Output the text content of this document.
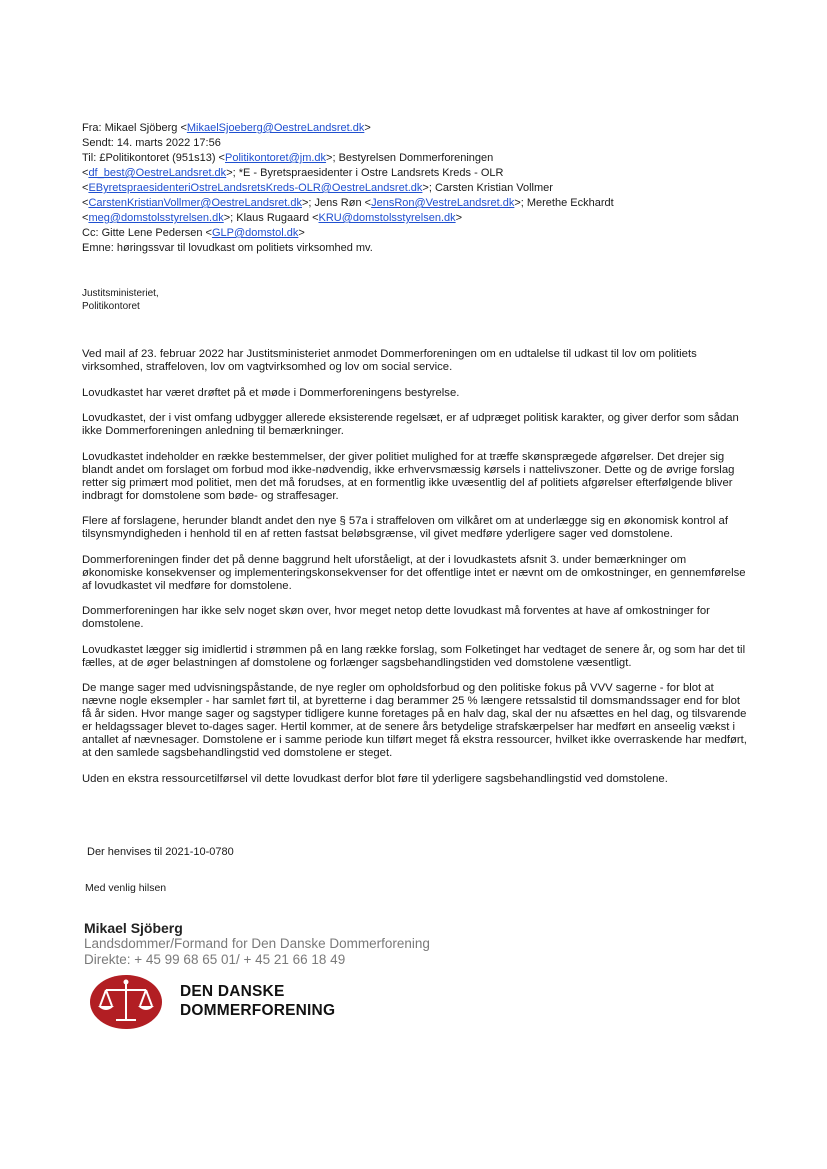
Fra: Mikael Sjöberg <MikaelSjoeberg@OestreLandsret.dk>
Sendt: 14. marts 2022 17:56
Til: £Politikontoret (951s13) <Politikontoret@jm.dk>; Bestyrelsen Dommerforeningen
<df_best@OestreLandsret.dk>; *E - Byretspraesidenter i Ostre Landsrets Kreds - OLR
<EByretspraesidenteriOstreLandsretsKreds-OLR@OestreLandsret.dk>; Carsten Kristian Vollmer
<CarstenKristianVollmer@OestreLandsret.dk>; Jens Røn <JensRon@VestreLandsret.dk>; Merethe Eckhardt
<meg@domstolsstyrelsen.dk>; Klaus Rugaard <KRU@domstolsstyrelsen.dk>
Cc: Gitte Lene Pedersen <GLP@domstol.dk>
Emne: høringssvar til lovudkast om politiets virksomhed mv.
Justitsministeriet,
Politikontoret

Ved mail af 23. februar 2022 har Justitsministeriet anmodet Dommerforeningen om en udtalelse til udkast til lov om politiets virksomhed, straffeloven, lov om vagtvirksomhed og lov om social service.

Lovudkastet har været drøftet på et møde i Dommerforeningens bestyrelse.

Lovudkastet, der i vist omfang udbygger allerede eksisterende regelsæt, er af udpræget politisk karakter, og giver derfor som sådan ikke Dommerforeningen anledning til bemærkninger.

Lovudkastet indeholder en række bestemmelser, der giver politiet mulighed for at træffe skønsprægede afgørelser. Det drejer sig blandt andet om forslaget om forbud mod ikke-nødvendig, ikke erhvervsmæssig kørsels i nattelivszoner. Dette og de øvrige forslag retter sig primært mod politiet, men det må forudses, at en formentlig ikke uvæsentlig del af politiets afgørelser efterfølgende bliver indbragt for domstolene som bøde- og straffesager.

Flere af forslagene, herunder blandt andet den nye § 57a i straffeloven om vilkåret om at underlægge sig en økonomisk kontrol af tilsynsmyndigheden i henhold til en af retten fastsat beløbsgrænse, vil givet medføre yderligere sager ved domstolene.

Dommerforeningen finder det på denne baggrund helt uforståeligt, at der i lovudkastets afsnit 3. under bemærkninger om økonomiske konsekvenser og implementeringskonsekvenser for det offentlige intet er nævnt om de omkostninger, en gennemførelse af lovudkastet vil medføre for domstolene.

Dommerforeningen har ikke selv noget skøn over, hvor meget netop dette lovudkast må forventes at have af omkostninger for domstolene.

Lovudkastet lægger sig imidlertid i strømmen på en lang række forslag, som Folketinget har vedtaget de senere år, og som har det til fælles, at de øger belastningen af domstolene og forlænger sagsbehandlingstiden ved domstolene væsentligt.

De mange sager med udvisningspåstande, de nye regler om opholdsforbud og den politiske fokus på VVV sagerne - for blot at nævne nogle eksempler - har samlet ført til, at byretterne i dag berammer 25 % længere retssalstid til domsmandssager end for blot få år siden. Hvor mange sager og sagstyper tidligere kunne foretages på en halv dag, skal der nu afsættes en hel dag, og tilsvarende er heldagssager blevet to-dages sager. Hertil kommer, at de senere års betydelige strafskærpelser har medført en anseelig vækst i antallet af nævnesager. Domstolene er i samme periode kun tilført meget få ekstra ressourcer, hvilket ikke overraskende har medført, at den samlede sagsbehandlingstid ved domstolene er steget.

Uden en ekstra ressourcetilførsel vil dette lovudkast derfor blot føre til yderligere sagsbehandlingstid ved domstolene.

Der henvises til 2021-10-0780
Med venlig hilsen
Mikael Sjöberg
Landsdommer/Formand for Den Danske Dommerforening
Direkte: + 45 99 68 65 01/ + 45 21 66 18 49
DEN DANSKE
DOMMERFORENING
